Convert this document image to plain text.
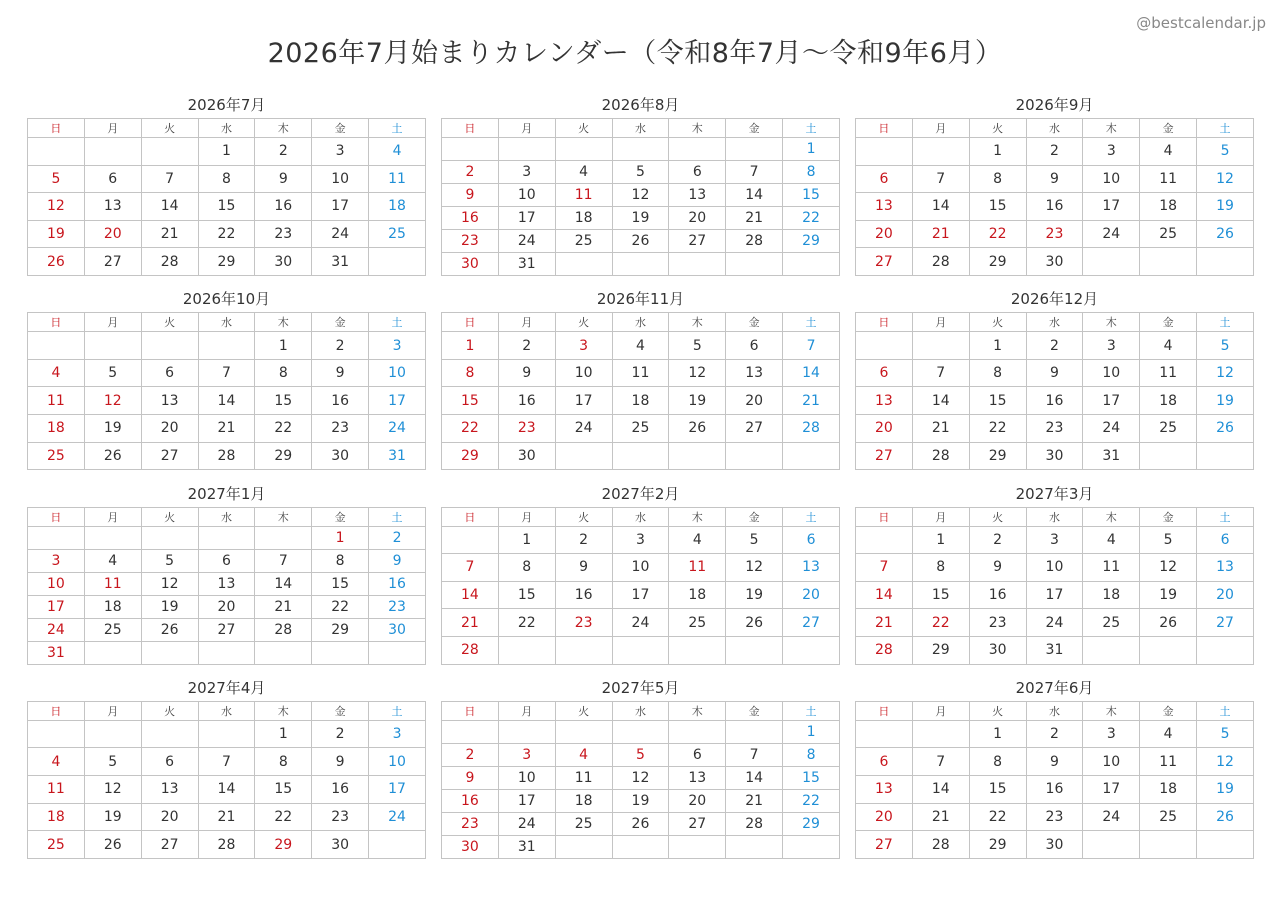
@bestcalendar.jp
2026年7月始まりカレンダー（令和8年7月～令和9年6月）
2026年7月
日	月	火	水	木	金	土
			1	2	3	4
5	6	7	8	9	10	11
12	13	14	15	16	17	18
19	20	21	22	23	24	25
26	27	28	29	30	31	
2026年8月
日	月	火	水	木	金	土
						1
2	3	4	5	6	7	8
9	10	11	12	13	14	15
16	17	18	19	20	21	22
23	24	25	26	27	28	29
30	31					
2026年9月
日	月	火	水	木	金	土
		1	2	3	4	5
6	7	8	9	10	11	12
13	14	15	16	17	18	19
20	21	22	23	24	25	26
27	28	29	30			
2026年10月
日	月	火	水	木	金	土
				1	2	3
4	5	6	7	8	9	10
11	12	13	14	15	16	17
18	19	20	21	22	23	24
25	26	27	28	29	30	31
2026年11月
日	月	火	水	木	金	土
1	2	3	4	5	6	7
8	9	10	11	12	13	14
15	16	17	18	19	20	21
22	23	24	25	26	27	28
29	30					
2026年12月
日	月	火	水	木	金	土
		1	2	3	4	5
6	7	8	9	10	11	12
13	14	15	16	17	18	19
20	21	22	23	24	25	26
27	28	29	30	31		
2027年1月
日	月	火	水	木	金	土
					1	2
3	4	5	6	7	8	9
10	11	12	13	14	15	16
17	18	19	20	21	22	23
24	25	26	27	28	29	30
31						
2027年2月
日	月	火	水	木	金	土
	1	2	3	4	5	6
7	8	9	10	11	12	13
14	15	16	17	18	19	20
21	22	23	24	25	26	27
28						
2027年3月
日	月	火	水	木	金	土
	1	2	3	4	5	6
7	8	9	10	11	12	13
14	15	16	17	18	19	20
21	22	23	24	25	26	27
28	29	30	31			
2027年4月
日	月	火	水	木	金	土
				1	2	3
4	5	6	7	8	9	10
11	12	13	14	15	16	17
18	19	20	21	22	23	24
25	26	27	28	29	30	
2027年5月
日	月	火	水	木	金	土
						1
2	3	4	5	6	7	8
9	10	11	12	13	14	15
16	17	18	19	20	21	22
23	24	25	26	27	28	29
30	31					
2027年6月
日	月	火	水	木	金	土
		1	2	3	4	5
6	7	8	9	10	11	12
13	14	15	16	17	18	19
20	21	22	23	24	25	26
27	28	29	30			
